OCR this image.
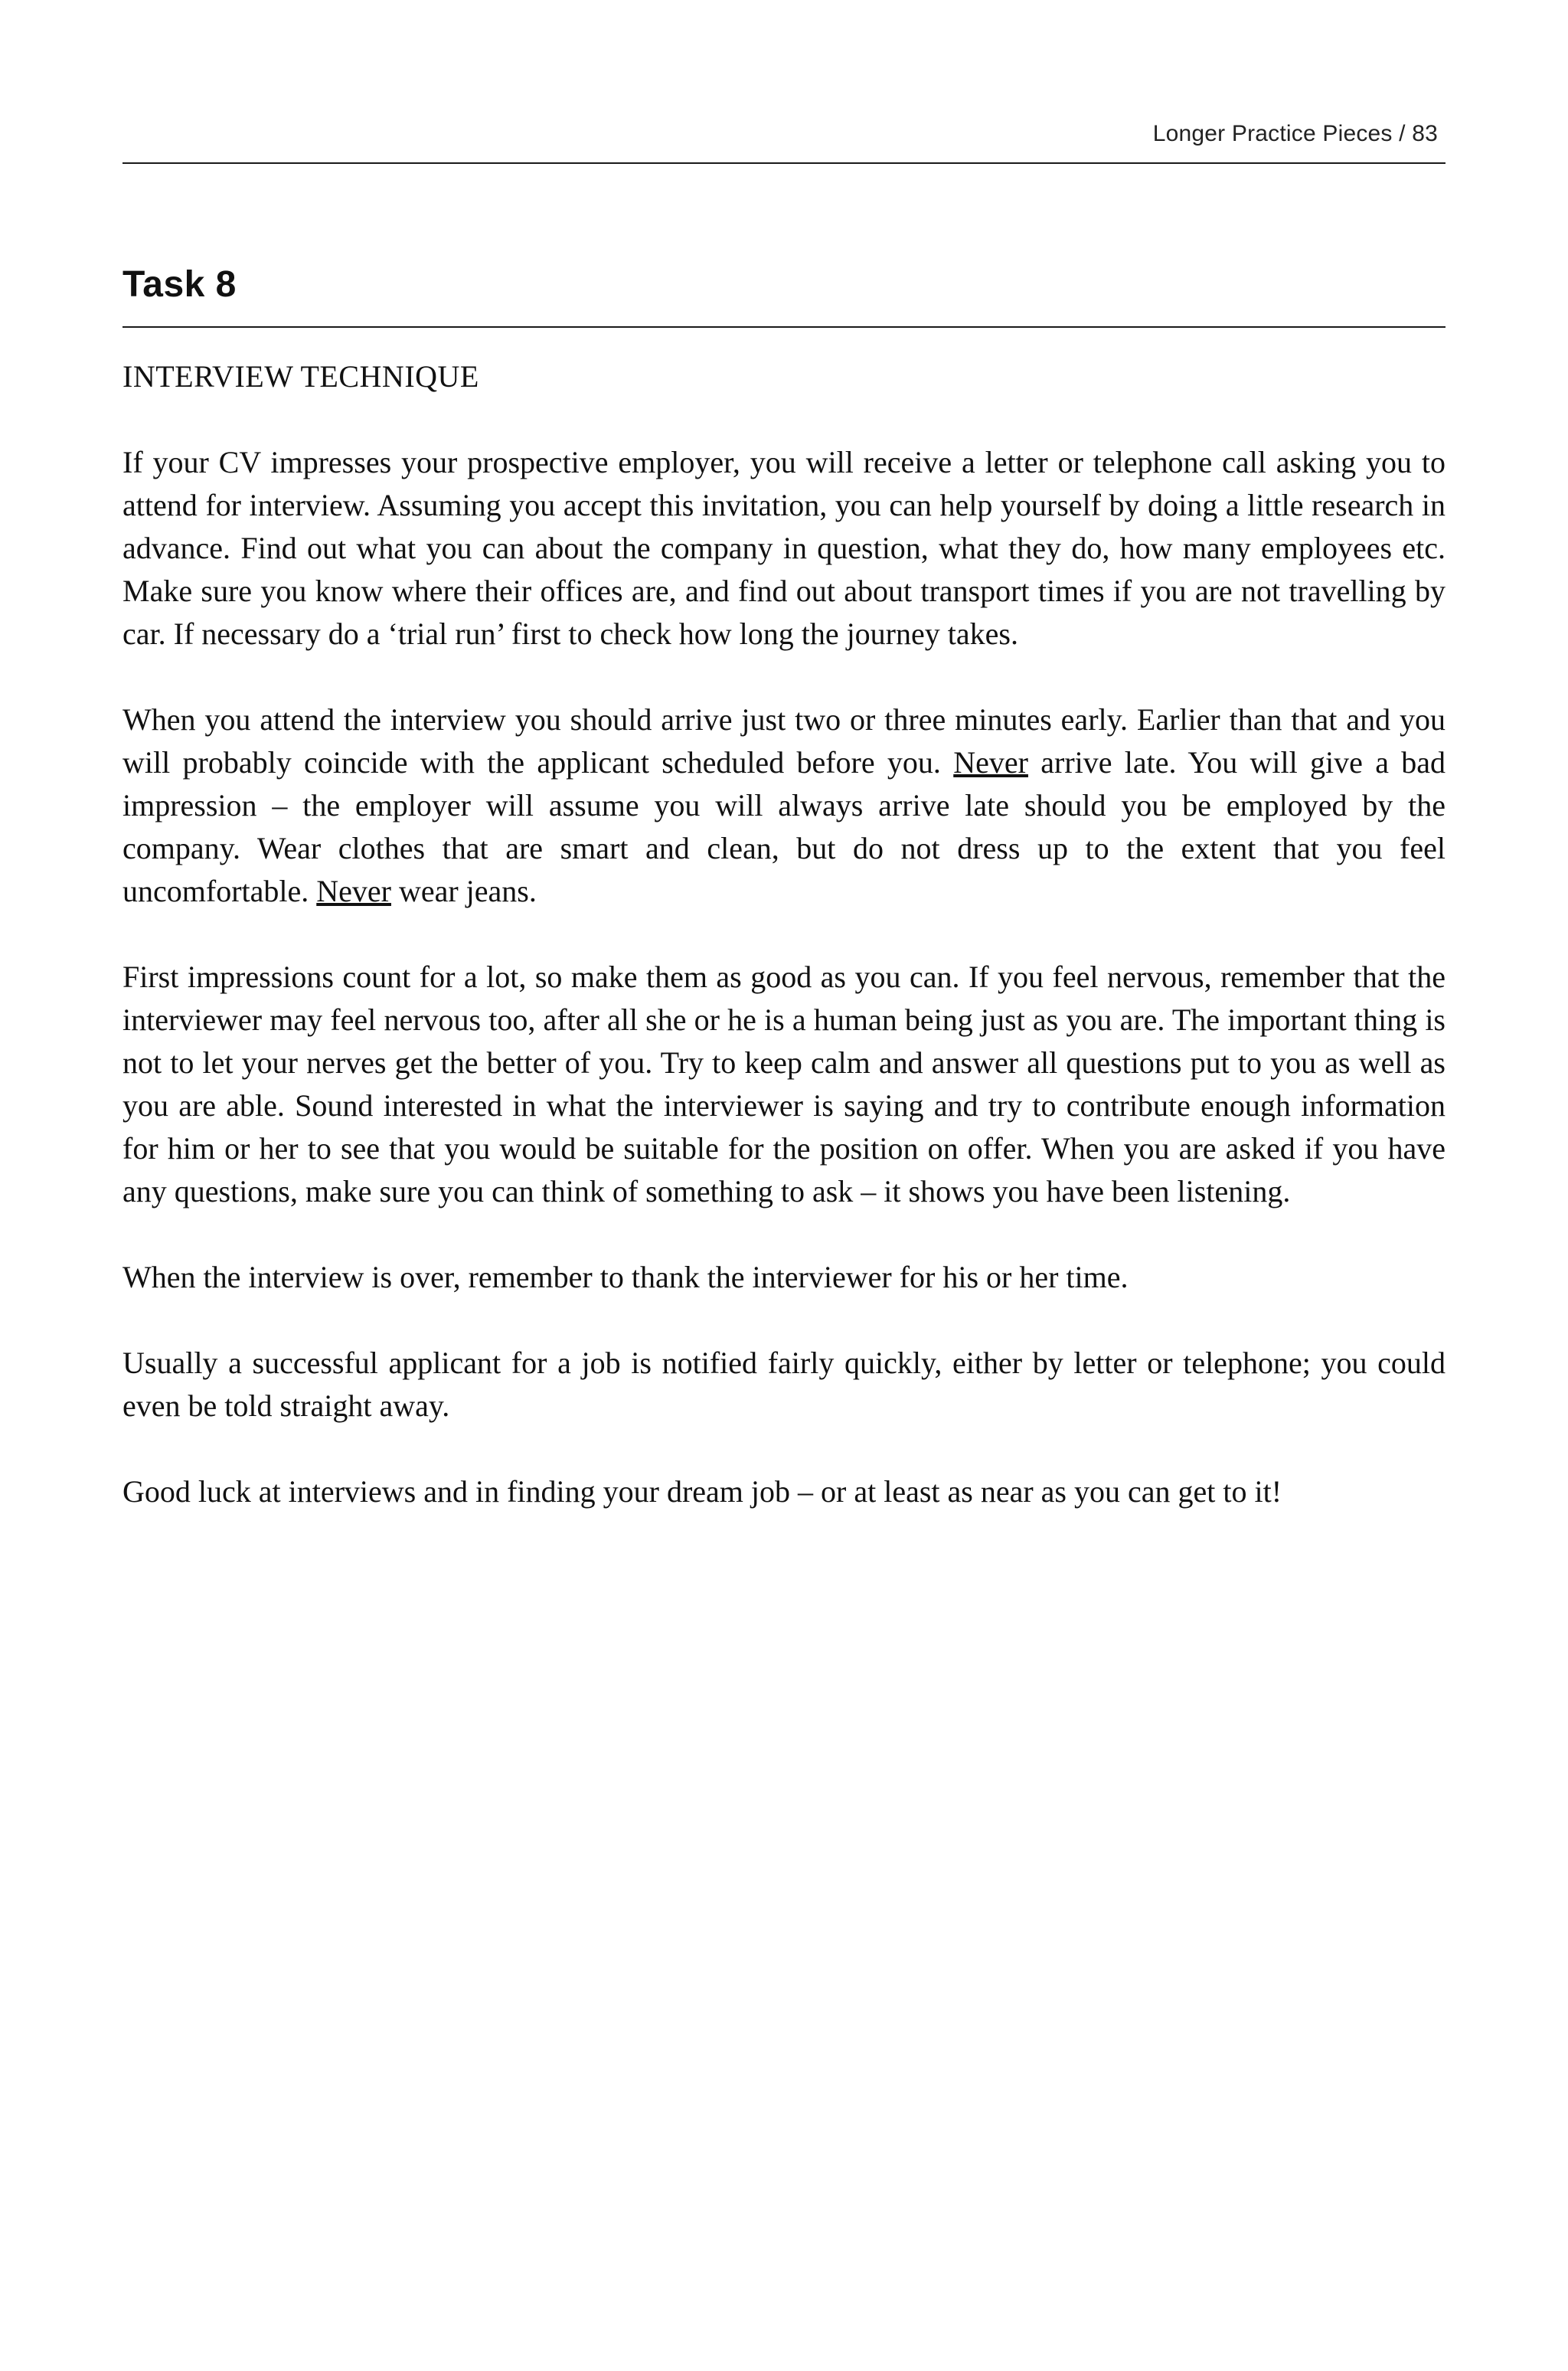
Longer Practice Pieces / 83
Task 8
INTERVIEW TECHNIQUE

If your CV impresses your prospective employer, you will receive a letter or telephone call asking you to attend for interview. Assuming you accept this invitation, you can help yourself by doing a little research in advance. Find out what you can about the company in question, what they do, how many employees etc. Make sure you know where their offices are, and find out about transport times if you are not travelling by car. If necessary do a ‘trial run’ first to check how long the journey takes.

When you attend the interview you should arrive just two or three minutes early. Earlier than that and you will probably coincide with the applicant scheduled before you. Never arrive late. You will give a bad impression – the employer will assume you will always arrive late should you be employed by the company. Wear clothes that are smart and clean, but do not dress up to the extent that you feel uncomfortable. Never wear jeans.

First impressions count for a lot, so make them as good as you can. If you feel nervous, remember that the interviewer may feel nervous too, after all she or he is a human being just as you are. The important thing is not to let your nerves get the better of you. Try to keep calm and answer all questions put to you as well as you are able. Sound interested in what the interviewer is saying and try to contribute enough information for him or her to see that you would be suitable for the position on offer. When you are asked if you have any questions, make sure you can think of something to ask – it shows you have been listening.

When the interview is over, remember to thank the interviewer for his or her time.

Usually a successful applicant for a job is notified fairly quickly, either by letter or telephone; you could even be told straight away.

Good luck at interviews and in finding your dream job – or at least as near as you can get to it!
